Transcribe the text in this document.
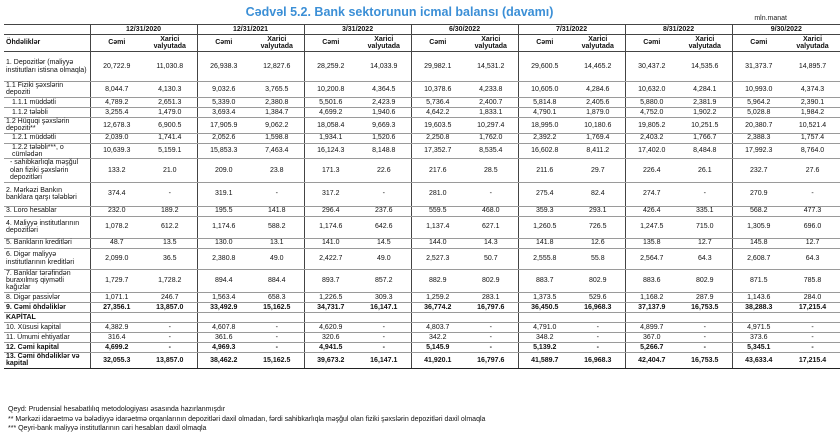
Cədvəl 5.2. Bank sektorunun icmal balansı (davamı)	mln.manat
	12/31/2020		12/31/2021		3/31/2022		6/30/2022		7/31/2022		8/31/2022		9/30/2022	
Öhdəliklər	Cəmi	Xarici valyutada	Cəmi	Xarici valyutada	Cəmi	Xarici valyutada	Cəmi	Xarici valyutada	Cəmi	Xarici valyutada	Cəmi	Xarici valyutada	Cəmi	Xarici valyutada
1. Depozitlər (maliyyə institutları istisna olmaqla)	20,722.9	11,030.8	26,938.3	12,827.6	28,259.2	14,033.9	29,982.1	14,531.2	29,600.5	14,465.2	30,437.2	14,535.6	31,373.7	14,895.7
1.1 Fiziki şəxslərin depoziti	8,044.7	4,130.3	9,032.6	3,765.5	10,200.8	4,364.5	10,378.6	4,233.8	10,605.0	4,284.6	10,632.0	4,284.1	10,993.0	4,374.3
1.1.1 müddətli	4,789.2	2,651.3	5,339.0	2,380.8	5,501.6	2,423.9	5,736.4	2,400.7	5,814.8	2,405.6	5,880.0	2,381.9	5,964.2	2,390.1
1.1.2 tələbli	3,255.4	1,479.0	3,693.4	1,384.7	4,699.2	1,940.6	4,642.2	1,833.1	4,790.1	1,879.0	4,752.0	1,902.2	5,028.8	1,984.2
1.2 Hüquqi şəxslərin depoziti**	12,678.3	6,900.5	17,905.9	9,062.2	18,058.4	9,669.3	19,603.5	10,297.4	18,995.0	10,180.6	19,805.2	10,251.5	20,380.7	10,521.4
1.2.1 müddətli	2,039.0	1,741.4	2,052.6	1,598.8	1,934.1	1,520.6	2,250.8	1,762.0	2,392.2	1,769.4	2,403.2	1,766.7	2,388.3	1,757.4
1.2.2 tələbli***, o cümlədən	10,639.3	5,159.1	15,853.3	7,463.4	16,124.3	8,148.8	17,352.7	8,535.4	16,602.8	8,411.2	17,402.0	8,484.8	17,992.3	8,764.0
- sahibkarlıqla məşğul olan fiziki şəxslərin depozitləri	133.2	21.0	209.0	23.8	171.3	22.6	217.6	28.5	211.6	29.7	226.4	26.1	232.7	27.6
2. Mərkəzi Bankın banklara qarşı tələbləri	374.4	-	319.1	-	317.2	-	281.0	-	275.4	82.4	274.7	-	270.9	-
3. Loro hesablar	232.0	189.2	195.5	141.8	296.4	237.6	559.5	468.0	359.3	293.1	426.4	335.1	568.2	477.3
4. Maliyyə institutlarının depozitləri	1,078.2	612.2	1,174.6	588.2	1,174.6	642.6	1,137.4	627.1	1,260.5	726.5	1,247.5	715.0	1,305.9	696.0
5. Bankların kreditləri	48.7	13.5	130.0	13.1	141.0	14.5	144.0	14.3	141.8	12.6	135.8	12.7	145.8	12.7
6. Digər maliyyə institutlarının kreditləri	2,099.0	36.5	2,380.8	49.0	2,422.7	49.0	2,527.3	50.7	2,555.8	55.8	2,564.7	64.3	2,608.7	64.3
7. Banklar tərəfindən buraxılmış qiymətli kağızlar	1,729.7	1,728.2	894.4	884.4	893.7	857.2	882.9	802.9	883.7	802.9	883.6	802.9	871.5	785.8
8. Digər passivlər	1,071.1	246.7	1,563.4	658.3	1,226.5	309.3	1,259.2	283.1	1,373.5	529.6	1,168.2	287.9	1,143.6	284.0
9. Cəmi öhdəliklər	27,356.1	13,857.0	33,492.9	15,162.5	34,731.7	16,147.1	36,774.2	16,797.6	36,450.5	16,968.3	37,137.9	16,753.5	38,288.3	17,215.4
KAPİTAL														
10. Xüsusi kapital	4,382.9	-	4,607.8	-	4,620.9	-	4,803.7	-	4,791.0	-	4,899.7	-	4,971.5	-
11. Ümumi ehtiyatlar	316.4	-	361.6	-	320.6	-	342.2	-	348.2	-	367.0	-	373.6	-
12. Cəmi kapital	4,699.2	-	4,969.3	-	4,941.5	-	5,145.9	-	5,139.2	-	5,266.7	-	5,345.1	-
13. Cəmi öhdəliklər və kapital	32,055.3	13,857.0	38,462.2	15,162.5	39,673.2	16,147.1	41,920.1	16,797.6	41,589.7	16,968.3	42,404.7	16,753.5	43,633.4	17,215.4
Qeyd: Prudensial hesabatlılıq metodologiyası əsasında hazırlanmışdır
** Mərkəzi idarəetmə və bələdiyyə idarəetmə orqanlarının depozitləri daxil olmadan, fərdi sahibkarlıqla məşğul olan fiziki şəxslərin depozitləri daxil olmaqla
*** Qeyri-bank maliyyə institutlarının cari hesabları daxil olmaqla
